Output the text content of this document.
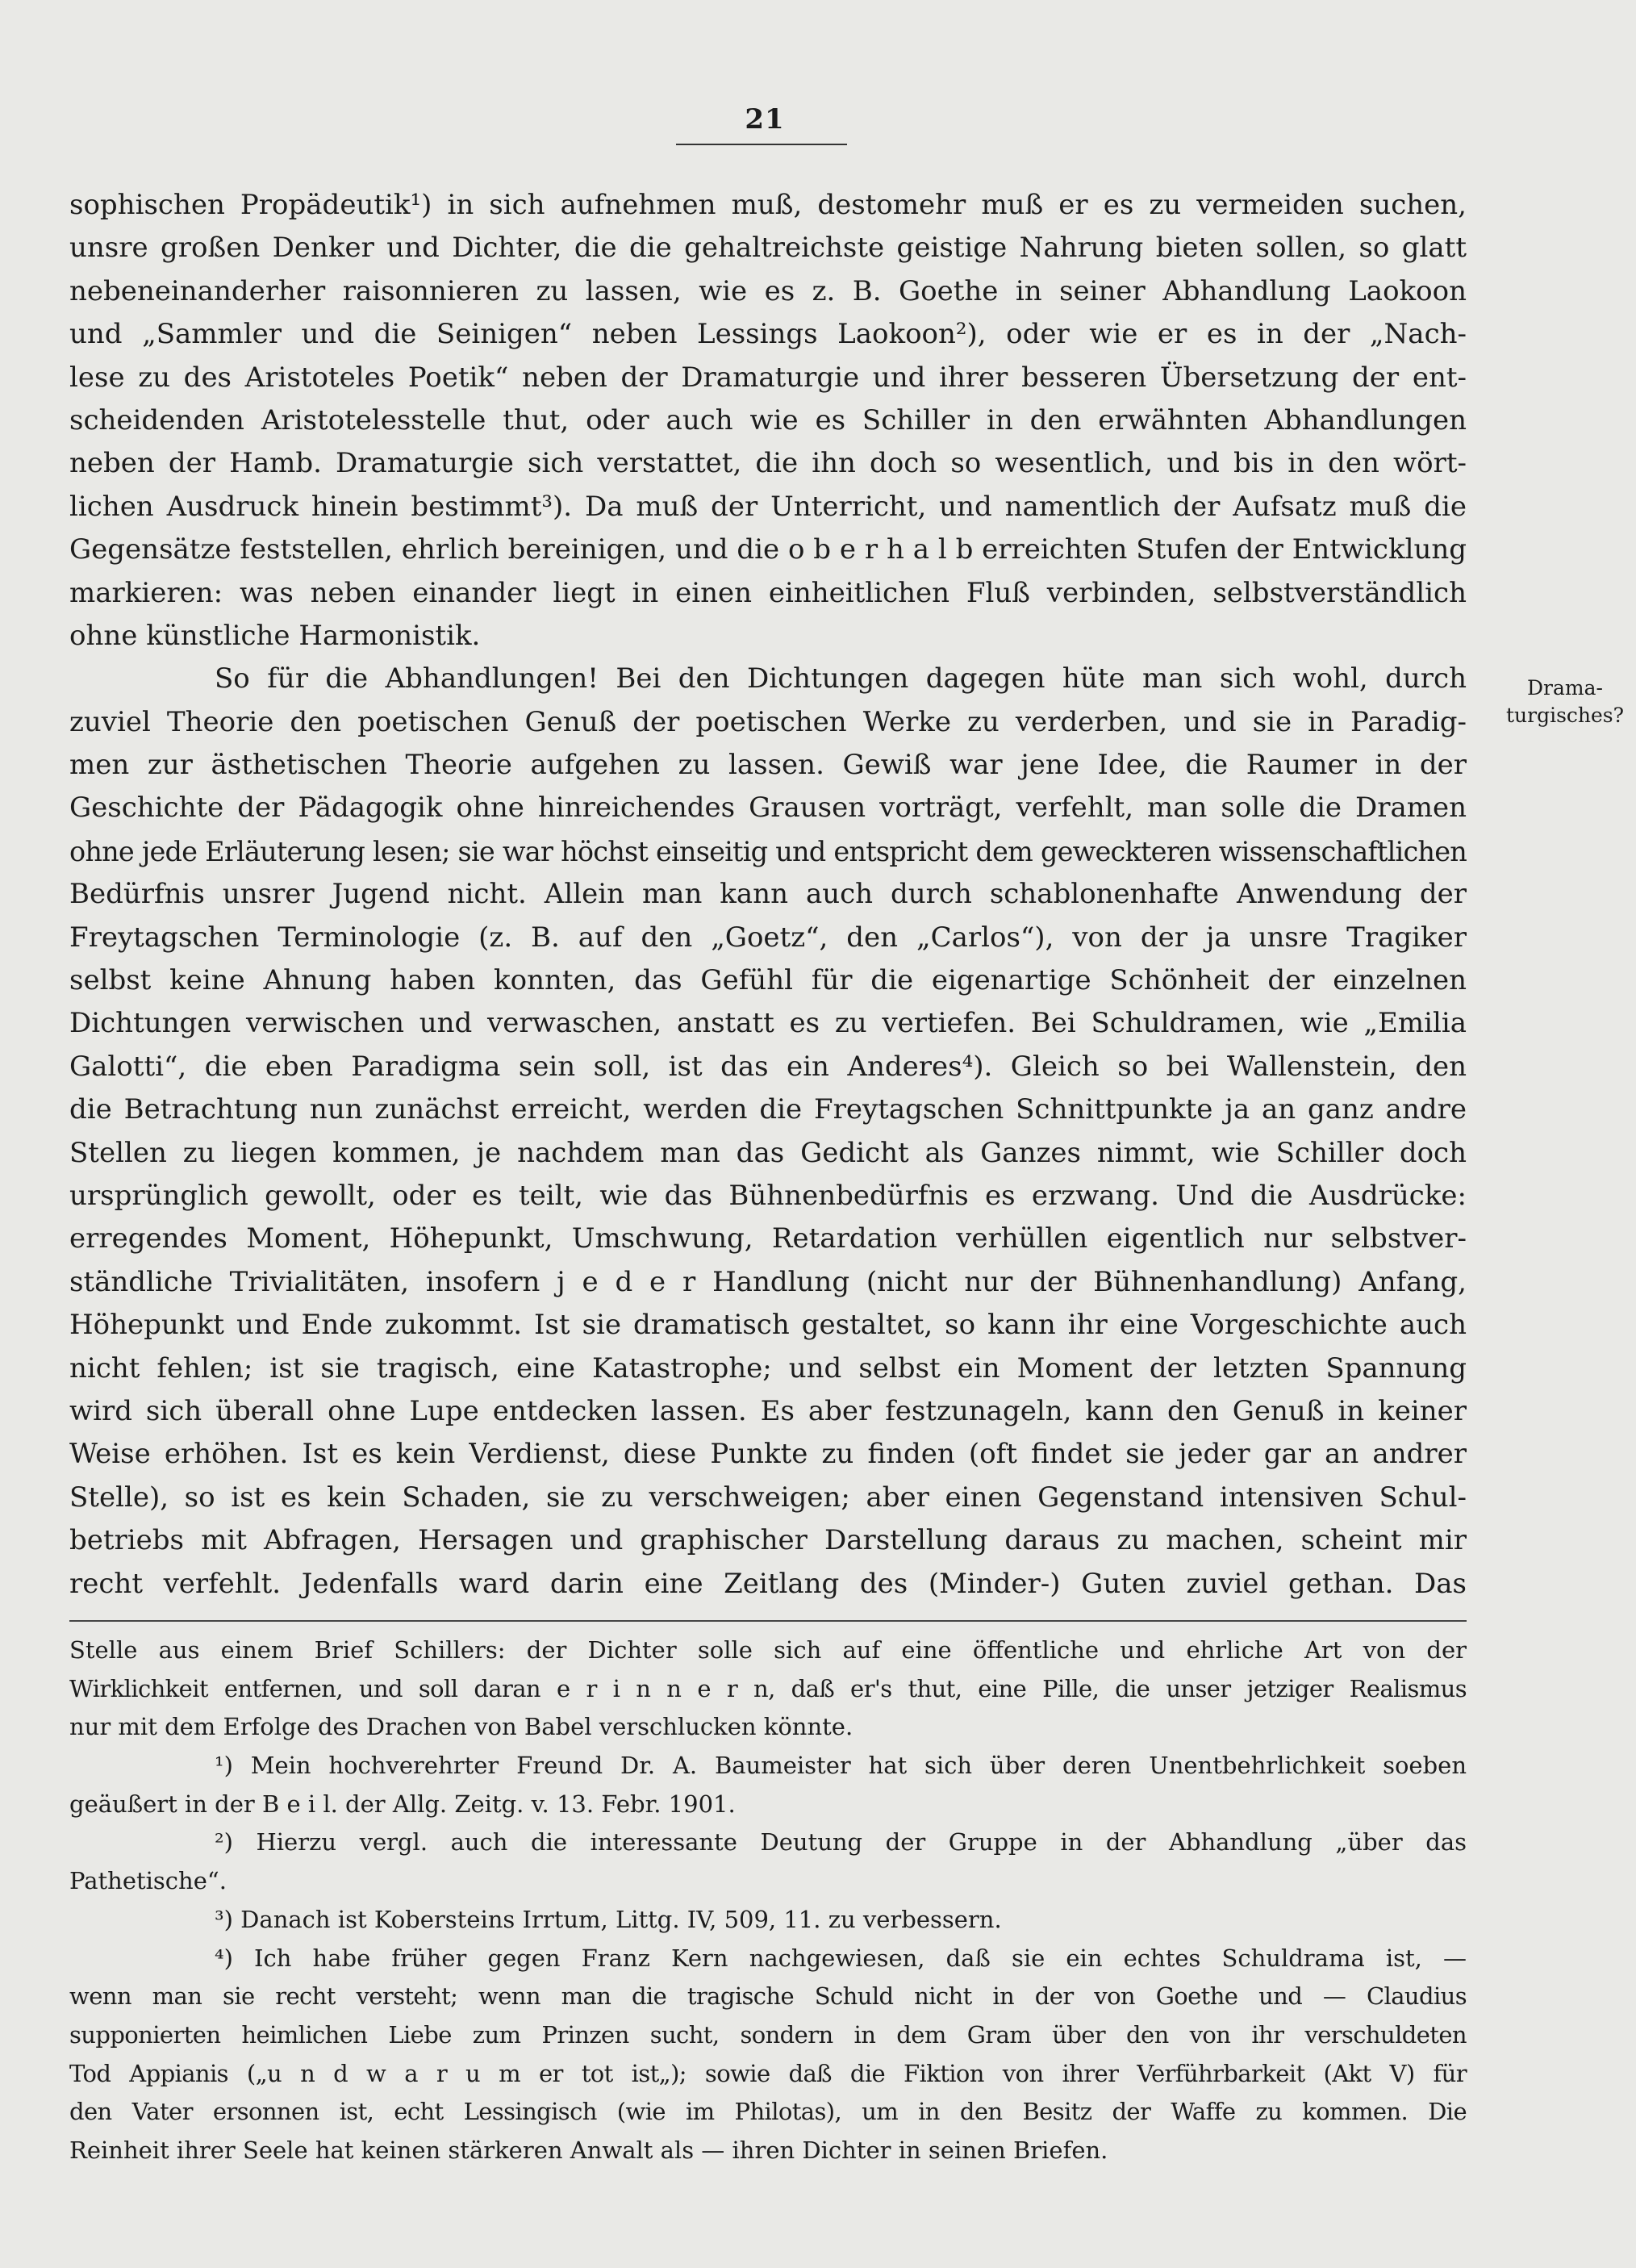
21
sophischen Propädeutik¹) in sich aufnehmen muß, destomehr muß er es zu vermeiden suchen,
unsre großen Denker und Dichter, die die gehaltreichste geistige Nahrung bieten sollen, so glatt
nebeneinanderher raisonnieren zu lassen, wie es z. B. Goethe in seiner Abhandlung Laokoon
und „Sammler und die Seinigen“ neben Lessings Laokoon²), oder wie er es in der „Nach-
lese zu des Aristoteles Poetik“ neben der Dramaturgie und ihrer besseren Übersetzung der ent-
scheidenden Aristotelesstelle thut, oder auch wie es Schiller in den erwähnten Abhandlungen
neben der Hamb. Dramaturgie sich verstattet, die ihn doch so wesentlich, und bis in den wört-
lichen Ausdruck hinein bestimmt³). Da muß der Unterricht, und namentlich der Aufsatz muß die
Gegensätze feststellen, ehrlich bereinigen, und die o b e r h a l b erreichten Stufen der Entwicklung
markieren: was neben einander liegt in einen einheitlichen Fluß verbinden, selbstverständlich
ohne künstliche Harmonistik.
So für die Abhandlungen! Bei den Dichtungen dagegen hüte man sich wohl, durch
zuviel Theorie den poetischen Genuß der poetischen Werke zu verderben, und sie in Paradig-
men zur ästhetischen Theorie aufgehen zu lassen. Gewiß war jene Idee, die Raumer in der
Geschichte der Pädagogik ohne hinreichendes Grausen vorträgt, verfehlt, man solle die Dramen
ohne jede Erläuterung lesen; sie war höchst einseitig und entspricht dem geweckteren wissenschaftlichen
Bedürfnis unsrer Jugend nicht. Allein man kann auch durch schablonenhafte Anwendung der
Freytagschen Terminologie (z. B. auf den „Goetz“, den „Carlos“), von der ja unsre Tragiker
selbst keine Ahnung haben konnten, das Gefühl für die eigenartige Schönheit der einzelnen
Dichtungen verwischen und verwaschen, anstatt es zu vertiefen. Bei Schuldramen, wie „Emilia
Galotti“, die eben Paradigma sein soll, ist das ein Anderes⁴). Gleich so bei Wallenstein, den
die Betrachtung nun zunächst erreicht, werden die Freytagschen Schnittpunkte ja an ganz andre
Stellen zu liegen kommen, je nachdem man das Gedicht als Ganzes nimmt, wie Schiller doch
ursprünglich gewollt, oder es teilt, wie das Bühnenbedürfnis es erzwang. Und die Ausdrücke:
erregendes Moment, Höhepunkt, Umschwung, Retardation verhüllen eigentlich nur selbstver-
ständliche Trivialitäten, insofern j e d e r Handlung (nicht nur der Bühnenhandlung) Anfang,
Höhepunkt und Ende zukommt. Ist sie dramatisch gestaltet, so kann ihr eine Vorgeschichte auch
nicht fehlen; ist sie tragisch, eine Katastrophe; und selbst ein Moment der letzten Spannung
wird sich überall ohne Lupe entdecken lassen. Es aber festzunageln, kann den Genuß in keiner
Weise erhöhen. Ist es kein Verdienst, diese Punkte zu finden (oft findet sie jeder gar an andrer
Stelle), so ist es kein Schaden, sie zu verschweigen; aber einen Gegenstand intensiven Schul-
betriebs mit Abfragen, Hersagen und graphischer Darstellung daraus zu machen, scheint mir
recht verfehlt. Jedenfalls ward darin eine Zeitlang des (Minder-) Guten zuviel gethan. Das
Drama-
turgisches?
Stelle aus einem Brief Schillers: der Dichter solle sich auf eine öffentliche und ehrliche Art von der
Wirklichkeit entfernen, und soll daran e r i n n e r n, daß er's thut, eine Pille, die unser jetziger Realismus
nur mit dem Erfolge des Drachen von Babel verschlucken könnte.
¹) Mein hochverehrter Freund Dr. A. Baumeister hat sich über deren Unentbehrlichkeit soeben
geäußert in der B e i l. der Allg. Zeitg. v. 13. Febr. 1901.
²) Hierzu vergl. auch die interessante Deutung der Gruppe in der Abhandlung „über das
Pathetische“.
³) Danach ist Kobersteins Irrtum, Littg. IV, 509, 11. zu verbessern.
⁴) Ich habe früher gegen Franz Kern nachgewiesen, daß sie ein echtes Schuldrama ist, —
wenn man sie recht versteht; wenn man die tragische Schuld nicht in der von Goethe und — Claudius
supponierten heimlichen Liebe zum Prinzen sucht, sondern in dem Gram über den von ihr verschuldeten
Tod Appianis („u n d w a r u m er tot ist„); sowie daß die Fiktion von ihrer Verführbarkeit (Akt V) für
den Vater ersonnen ist, echt Lessingisch (wie im Philotas), um in den Besitz der Waffe zu kommen. Die
Reinheit ihrer Seele hat keinen stärkeren Anwalt als — ihren Dichter in seinen Briefen.
